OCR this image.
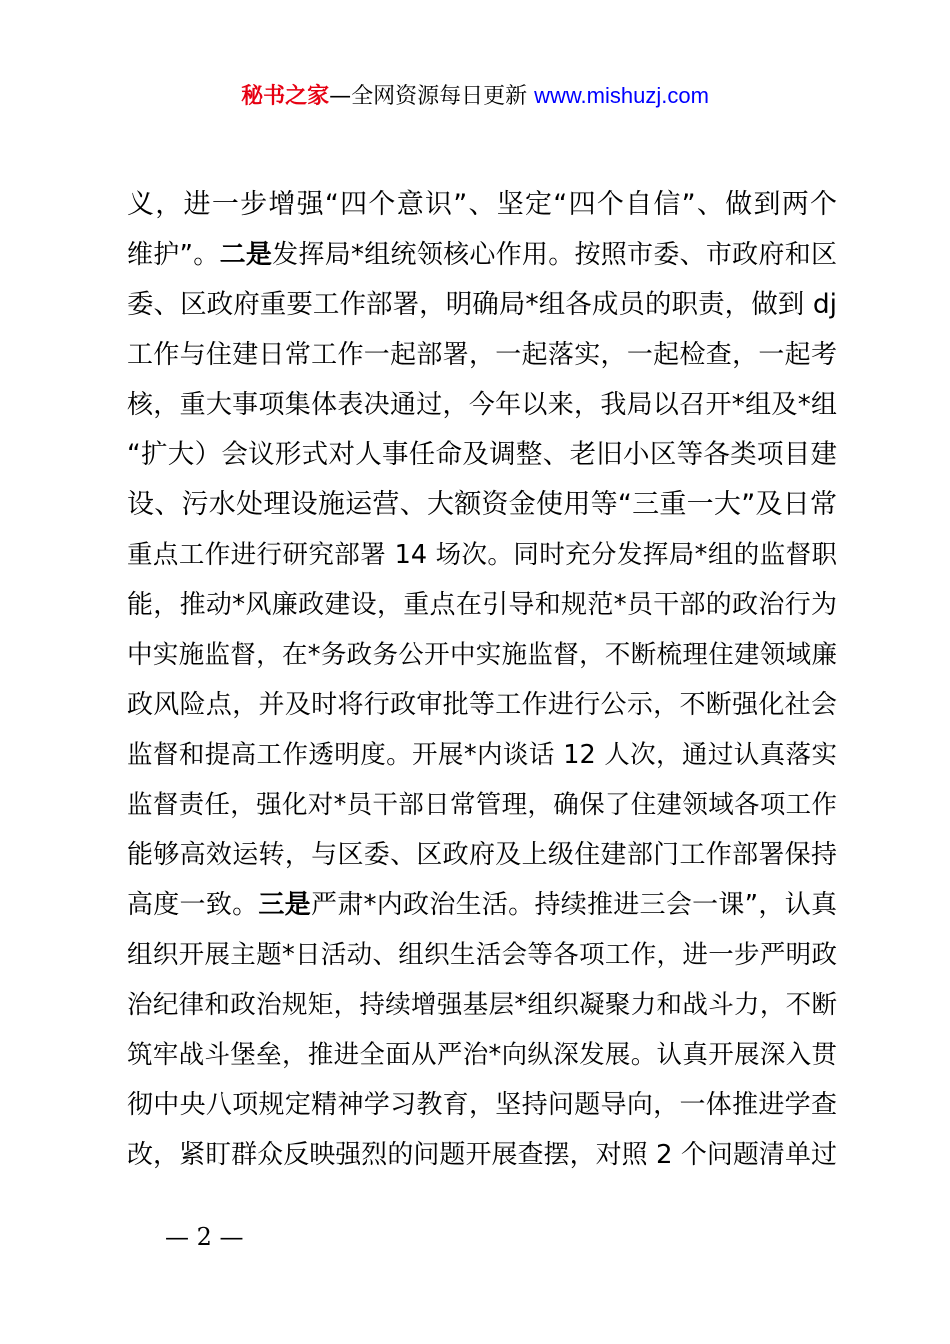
秘书之家—全网资源每日更新 www.mishuzj.com
义，进一步增强“四个意识”、坚定“四个自信”、做到两个
维护”。二是发挥局*组统领核心作用。按照市委、市政府和区
委、区政府重要工作部署，明确局*组各成员的职责，做到 dj
工作与住建日常工作一起部署，一起落实，一起检查，一起考
核，重大事项集体表决通过，今年以来，我局以召开*组及*组
“扩大）会议形式对人事任命及调整、老旧小区等各类项目建
设、污水处理设施运营、大额资金使用等“三重一大”及日常
重点工作进行研究部署 14 场次。同时充分发挥局*组的监督职
能，推动*风廉政建设，重点在引导和规范*员干部的政治行为
中实施监督，在*务政务公开中实施监督，不断梳理住建领域廉
政风险点，并及时将行政审批等工作进行公示，不断强化社会
监督和提高工作透明度。开展*内谈话 12 人次，通过认真落实
监督责任，强化对*员干部日常管理，确保了住建领域各项工作
能够高效运转，与区委、区政府及上级住建部门工作部署保持
高度一致。三是严肃*内政治生活。持续推进三会一课”，认真
组织开展主题*日活动、组织生活会等各项工作，进一步严明政
治纪律和政治规矩，持续增强基层*组织凝聚力和战斗力，不断
筑牢战斗堡垒，推进全面从严治*向纵深发展。认真开展深入贯
彻中央八项规定精神学习教育，坚持问题导向，一体推进学查
改，紧盯群众反映强烈的问题开展查摆，对照 2 个问题清单过
— 2 —
